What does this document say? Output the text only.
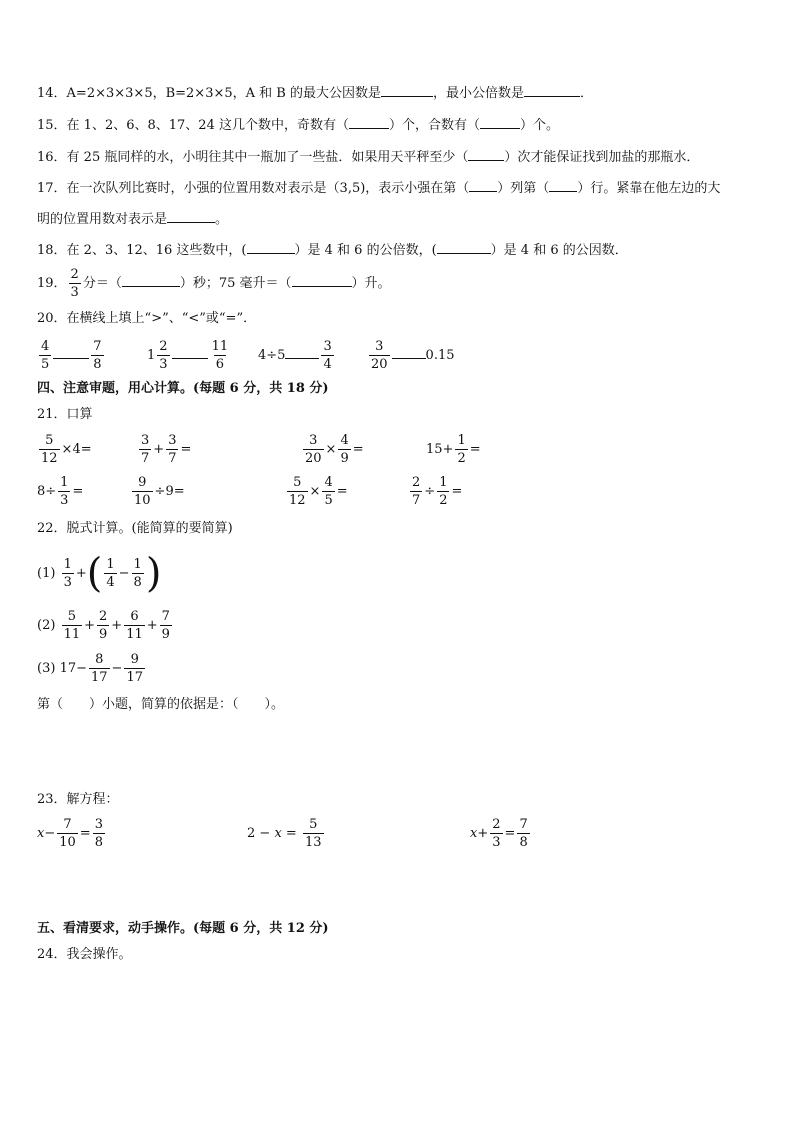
14．A=2×3×3×5，B=2×3×5，A 和 B 的最大公因数是	，最小公倍数是	．
15．在 1、2、6、8、17、24 这几个数中，奇数有（	）个，合数有（	）个。
16．有 25 瓶同样的水，小明往其中一瓶加了一些盐．如果用天平秤至少（	）次才能保证找到加盐的那瓶水．
17．在一次队列比赛时，小强的位置用数对表示是（3,5)，表示小强在第（ ）列第（ ）行。紧靠在他左边的大
明的位置用数对表示是	。
18．在 2、3、12、16 这些数中，(	）是 4 和 6 的公倍数，(	）是 4 和 6 的公因数．
19． $\frac{2}{3}$ 分＝（	）秒；75 毫升＝（	）升。
20．在横线上填上“>”、“<”或“=”．
$\frac{4}{5}$	$\frac{7}{8}$	$1 \frac{2}{3}$	$\frac{11}{6} 4\div 5$	$\frac{3}{4}$	$\frac{3}{20}$	0.15
四、注意审题，用心计算。(每题 6 分，共 18 分)
21．口算
$\frac{5}{12} \times 4=$	$\frac{3}{7} + \frac{3}{7}$ =	$\frac{3}{20} \times \frac{4}{9}$ =	$15+ \frac{1}{2}$ =
$8\div \frac{1}{3}$ =	$\frac{9}{10} \div 9=$	$\frac{5}{12} \times \frac{4}{5}$ =	$\frac{2}{7} \div \frac{1}{2}$ =
22．脱式计算。(能简算的要简算)
$(1) \frac{1}{3}$ +( $\frac{1}{4} - \frac{1}{8}$ )
$(2) \frac{5}{11} + \frac{2}{9} + \frac{6}{11} + \frac{7}{9}$
(3) $17- \frac{8}{17} - \frac{9}{17}$
第（　　）小题，简算的依据是：（　　）。
23．解方程：
$x- \frac{7}{10} = \frac{3}{8}$	$2 - x = \frac{5}{13}$	$x+ \frac{2}{3} = \frac{7}{8}$
五、看清要求，动手操作。(每题 6 分，共 12 分)
24．我会操作。
